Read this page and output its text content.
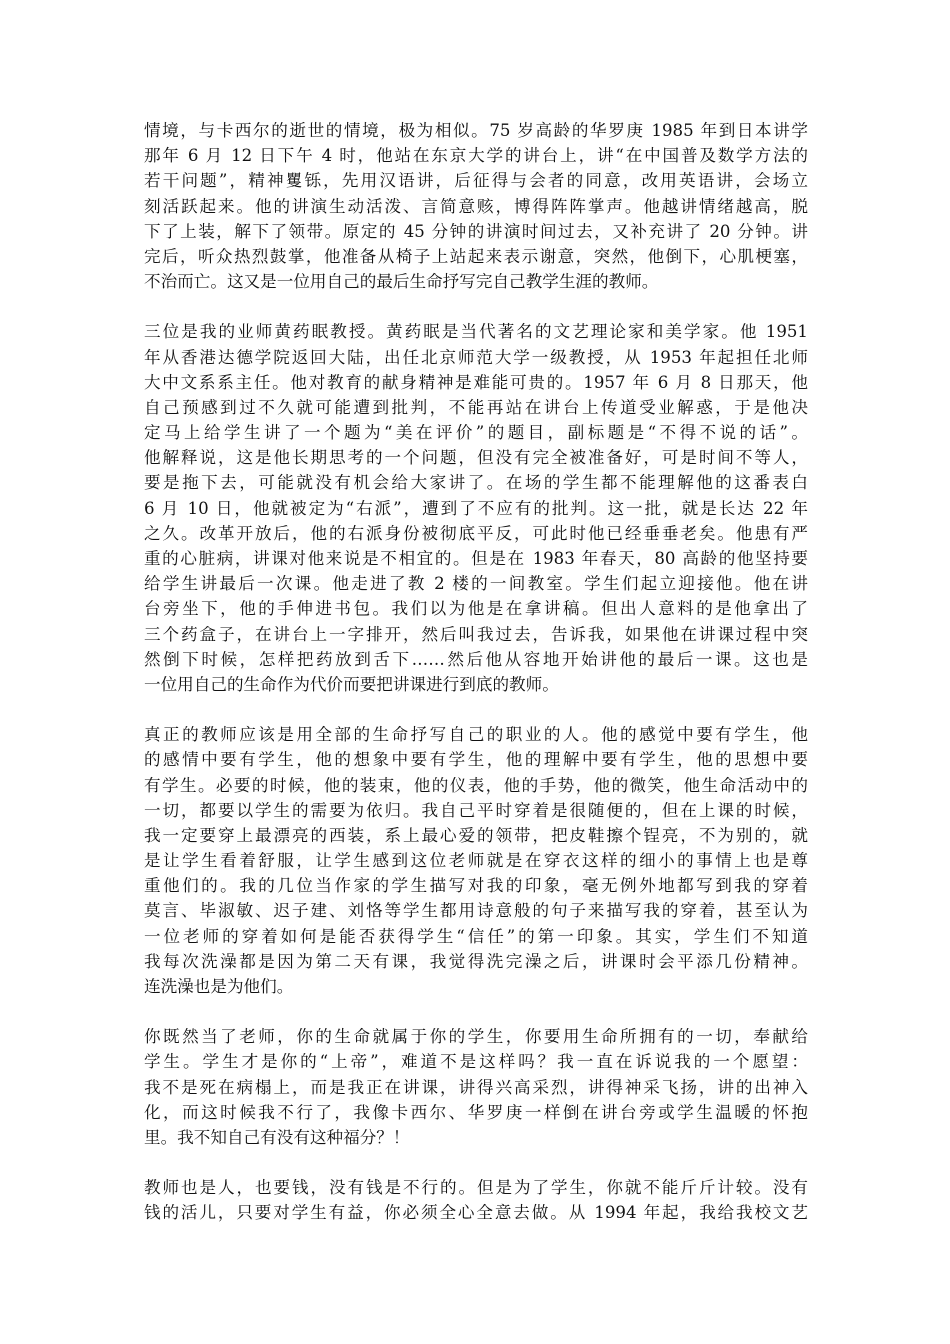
情境，与卡西尔的逝世的情境，极为相似。75 岁高龄的华罗庚 1985 年到日本讲学
那年 6 月 12 日下午 4 时，他站在东京大学的讲台上，讲“在中国普及数学方法的
若干问题”，精神矍铄，先用汉语讲，后征得与会者的同意，改用英语讲，会场立
刻活跃起来。他的讲演生动活泼、言简意赅，博得阵阵掌声。他越讲情绪越高，脱
下了上装，解下了领带。原定的 45 分钟的讲演时间过去，又补充讲了 20 分钟。讲
完后，听众热烈鼓掌，他准备从椅子上站起来表示谢意，突然，他倒下，心肌梗塞，
不治而亡。这又是一位用自己的最后生命抒写完自己教学生涯的教师。

三位是我的业师黄药眠教授。黄药眠是当代著名的文艺理论家和美学家。他 1951
年从香港达德学院返回大陆，出任北京师范大学一级教授，从 1953 年起担任北师
大中文系系主任。他对教育的献身精神是难能可贵的。1957 年 6 月 8 日那天，他
自己预感到过不久就可能遭到批判，不能再站在讲台上传道受业解惑，于是他决
定马上给学生讲了一个题为“美在评价”的题目，副标题是“不得不说的话”。
他解释说，这是他长期思考的一个问题，但没有完全被准备好，可是时间不等人，
要是拖下去，可能就没有机会给大家讲了。在场的学生都不能理解他的这番表白
6 月 10 日，他就被定为“右派”，遭到了不应有的批判。这一批，就是长达 22 年
之久。改革开放后，他的右派身份被彻底平反，可此时他已经垂垂老矣。他患有严
重的心脏病，讲课对他来说是不相宜的。但是在 1983 年春天，80 高龄的他坚持要
给学生讲最后一次课。他走进了教 2 楼的一间教室。学生们起立迎接他。他在讲
台旁坐下，他的手伸进书包。我们以为他是在拿讲稿。但出人意料的是他拿出了
三个药盒子，在讲台上一字排开，然后叫我过去，告诉我，如果他在讲课过程中突
然倒下时候，怎样把药放到舌下……然后他从容地开始讲他的最后一课。这也是
一位用自己的生命作为代价而要把讲课进行到底的教师。

真正的教师应该是用全部的生命抒写自己的职业的人。他的感觉中要有学生，他
的感情中要有学生，他的想象中要有学生，他的理解中要有学生，他的思想中要
有学生。必要的时候，他的装束，他的仪表，他的手势，他的微笑，他生命活动中的
一切，都要以学生的需要为依归。我自己平时穿着是很随便的，但在上课的时候，
我一定要穿上最漂亮的西装，系上最心爱的领带，把皮鞋擦个锃亮，不为别的，就
是让学生看着舒服，让学生感到这位老师就是在穿衣这样的细小的事情上也是尊
重他们的。我的几位当作家的学生描写对我的印象，毫无例外地都写到我的穿着
莫言、毕淑敏、迟子建、刘恪等学生都用诗意般的句子来描写我的穿着，甚至认为
一位老师的穿着如何是能否获得学生“信任”的第一印象。其实，学生们不知道
我每次洗澡都是因为第二天有课，我觉得洗完澡之后，讲课时会平添几份精神。
连洗澡也是为他们。

你既然当了老师，你的生命就属于你的学生，你要用生命所拥有的一切，奉献给
学生。学生才是你的“上帝”，难道不是这样吗？我一直在诉说我的一个愿望：
我不是死在病榻上，而是我正在讲课，讲得兴高采烈，讲得神采飞扬，讲的出神入
化，而这时候我不行了，我像卡西尔、华罗庚一样倒在讲台旁或学生温暖的怀抱
里。我不知自己有没有这种福分？！

教师也是人，也要钱，没有钱是不行的。但是为了学生，你就不能斤斤计较。没有
钱的活儿，只要对学生有益，你必须全心全意去做。从 1994 年起，我给我校文艺
